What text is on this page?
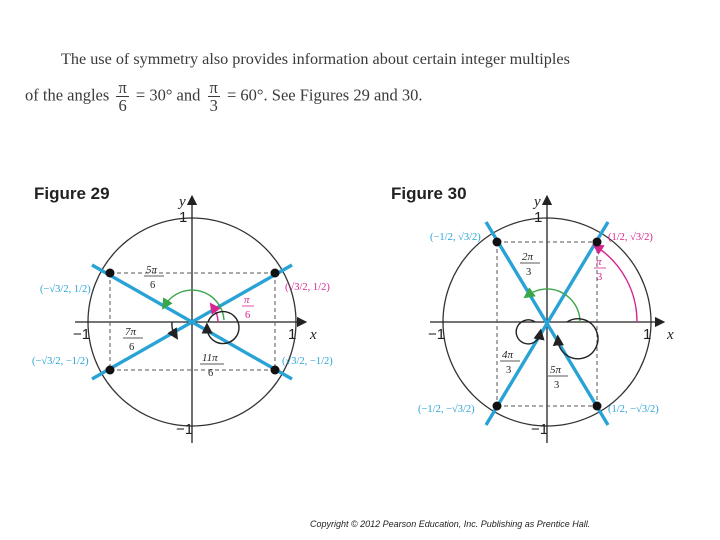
The use of symmetry also provides information about certain integer multiples
of the angles $\frac{\pi}{6} = 30^\circ$ and $\frac{\pi}{3} = 60^\circ$. See Figures 29 and 30.
Figure 29	y
x
1
−1
−1	1
5π
6
π
6
7π
6
11π
6
(−√3/2, 1/2)	(√3/2, 1/2)
(−√3/2, −1/2)	(√3/2, −1/2)
Figure 30	y
x
1
−1
−1	1
2π
3
π
3
4π
3	5π
3
(−1/2, √3/2)	(1/2, √3/2)
(−1/2, −√3/2)	(1/2, −√3/2)
Copyright © 2012 Pearson Education, Inc. Publishing as Prentice Hall.
